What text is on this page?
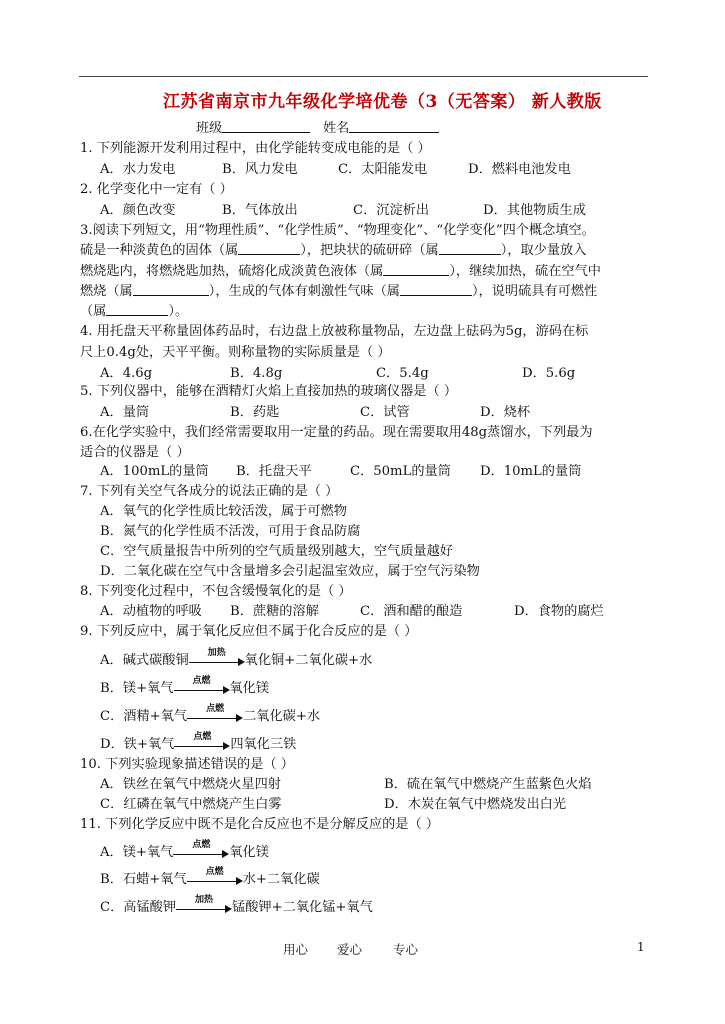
江苏省南京市九年级化学培优卷（3（无答案） 新人教版
班级	姓名
1. 下列能源开发利用过程中，由化学能转变成电能的是（ ）
A．水力发电	B．风力发电	C．太阳能发电	D．燃料电池发电
2. 化学变化中一定有（ ）
A．颜色改变	B．气体放出	C．沉淀析出	D．其他物质生成
3.阅读下列短文，用“物理性质”、“化学性质”、“物理变化”、“化学变化”四个概念填空。
硫是一种淡黄色的固体（属	），把块状的硫研碎（属	），取少量放入
燃烧匙内，将燃烧匙加热，硫熔化成淡黄色液体（属	），继续加热，硫在空气中
燃烧（属	），生成的气体有刺激性气味（属	），说明硫具有可燃性
（属	）。
4. 用托盘天平称量固体药品时，右边盘上放被称量物品，左边盘上砝码为5g，游码在标
尺上0.4g处，天平平衡。则称量物的实际质量是（ ）
A．4.6g	B．4.8g	C．5.4g	D．5.6g
5. 下列仪器中，能够在酒精灯火焰上直接加热的玻璃仪器是（ ）
A．量筒	B．药匙	C．试管	D．烧杯
6.在化学实验中，我们经常需要取用一定量的药品。现在需要取用48g蒸馏水，下列最为
适合的仪器是（ ）
A．100mL的量筒 B．托盘天平	C．50mL的量筒 D．10mL的量筒
7. 下列有关空气各成分的说法正确的是（ ）
A．氧气的化学性质比较活泼，属于可燃物
B．氮气的化学性质不活泼，可用于食品防腐
C．空气质量报告中所列的空气质量级别越大，空气质量越好
D．二氧化碳在空气中含量增多会引起温室效应，属于空气污染物
8. 下列变化过程中，不包含缓慢氧化的是（ ）
A．动植物的呼吸 B．蔗糖的溶解	C．酒和醋的酿造	D．食物的腐烂
9. 下列反应中，属于氧化反应但不属于化合反应的是（ ）
A．碱式碳酸铜
加热
氧化铜+二氧化碳+水
B．镁+氧气
点燃
氧化镁
C．酒精+氧气
点燃
二氧化碳+水
D．铁+氧气
点燃
四氧化三铁
10. 下列实验现象描述错误的是（ ）
A．铁丝在氧气中燃烧火星四射	B．硫在氧气中燃烧产生蓝紫色火焰
C．红磷在氧气中燃烧产生白雾	D．木炭在氧气中燃烧发出白光
11. 下列化学反应中既不是化合反应也不是分解反应的是（ ）
A．镁+氧气
点燃
氧化镁
B．石蜡+氧气
点燃
水+二氧化碳
C．高锰酸钾
加热
锰酸钾+二氧化锰+氧气
用心 爱心 专心	1
